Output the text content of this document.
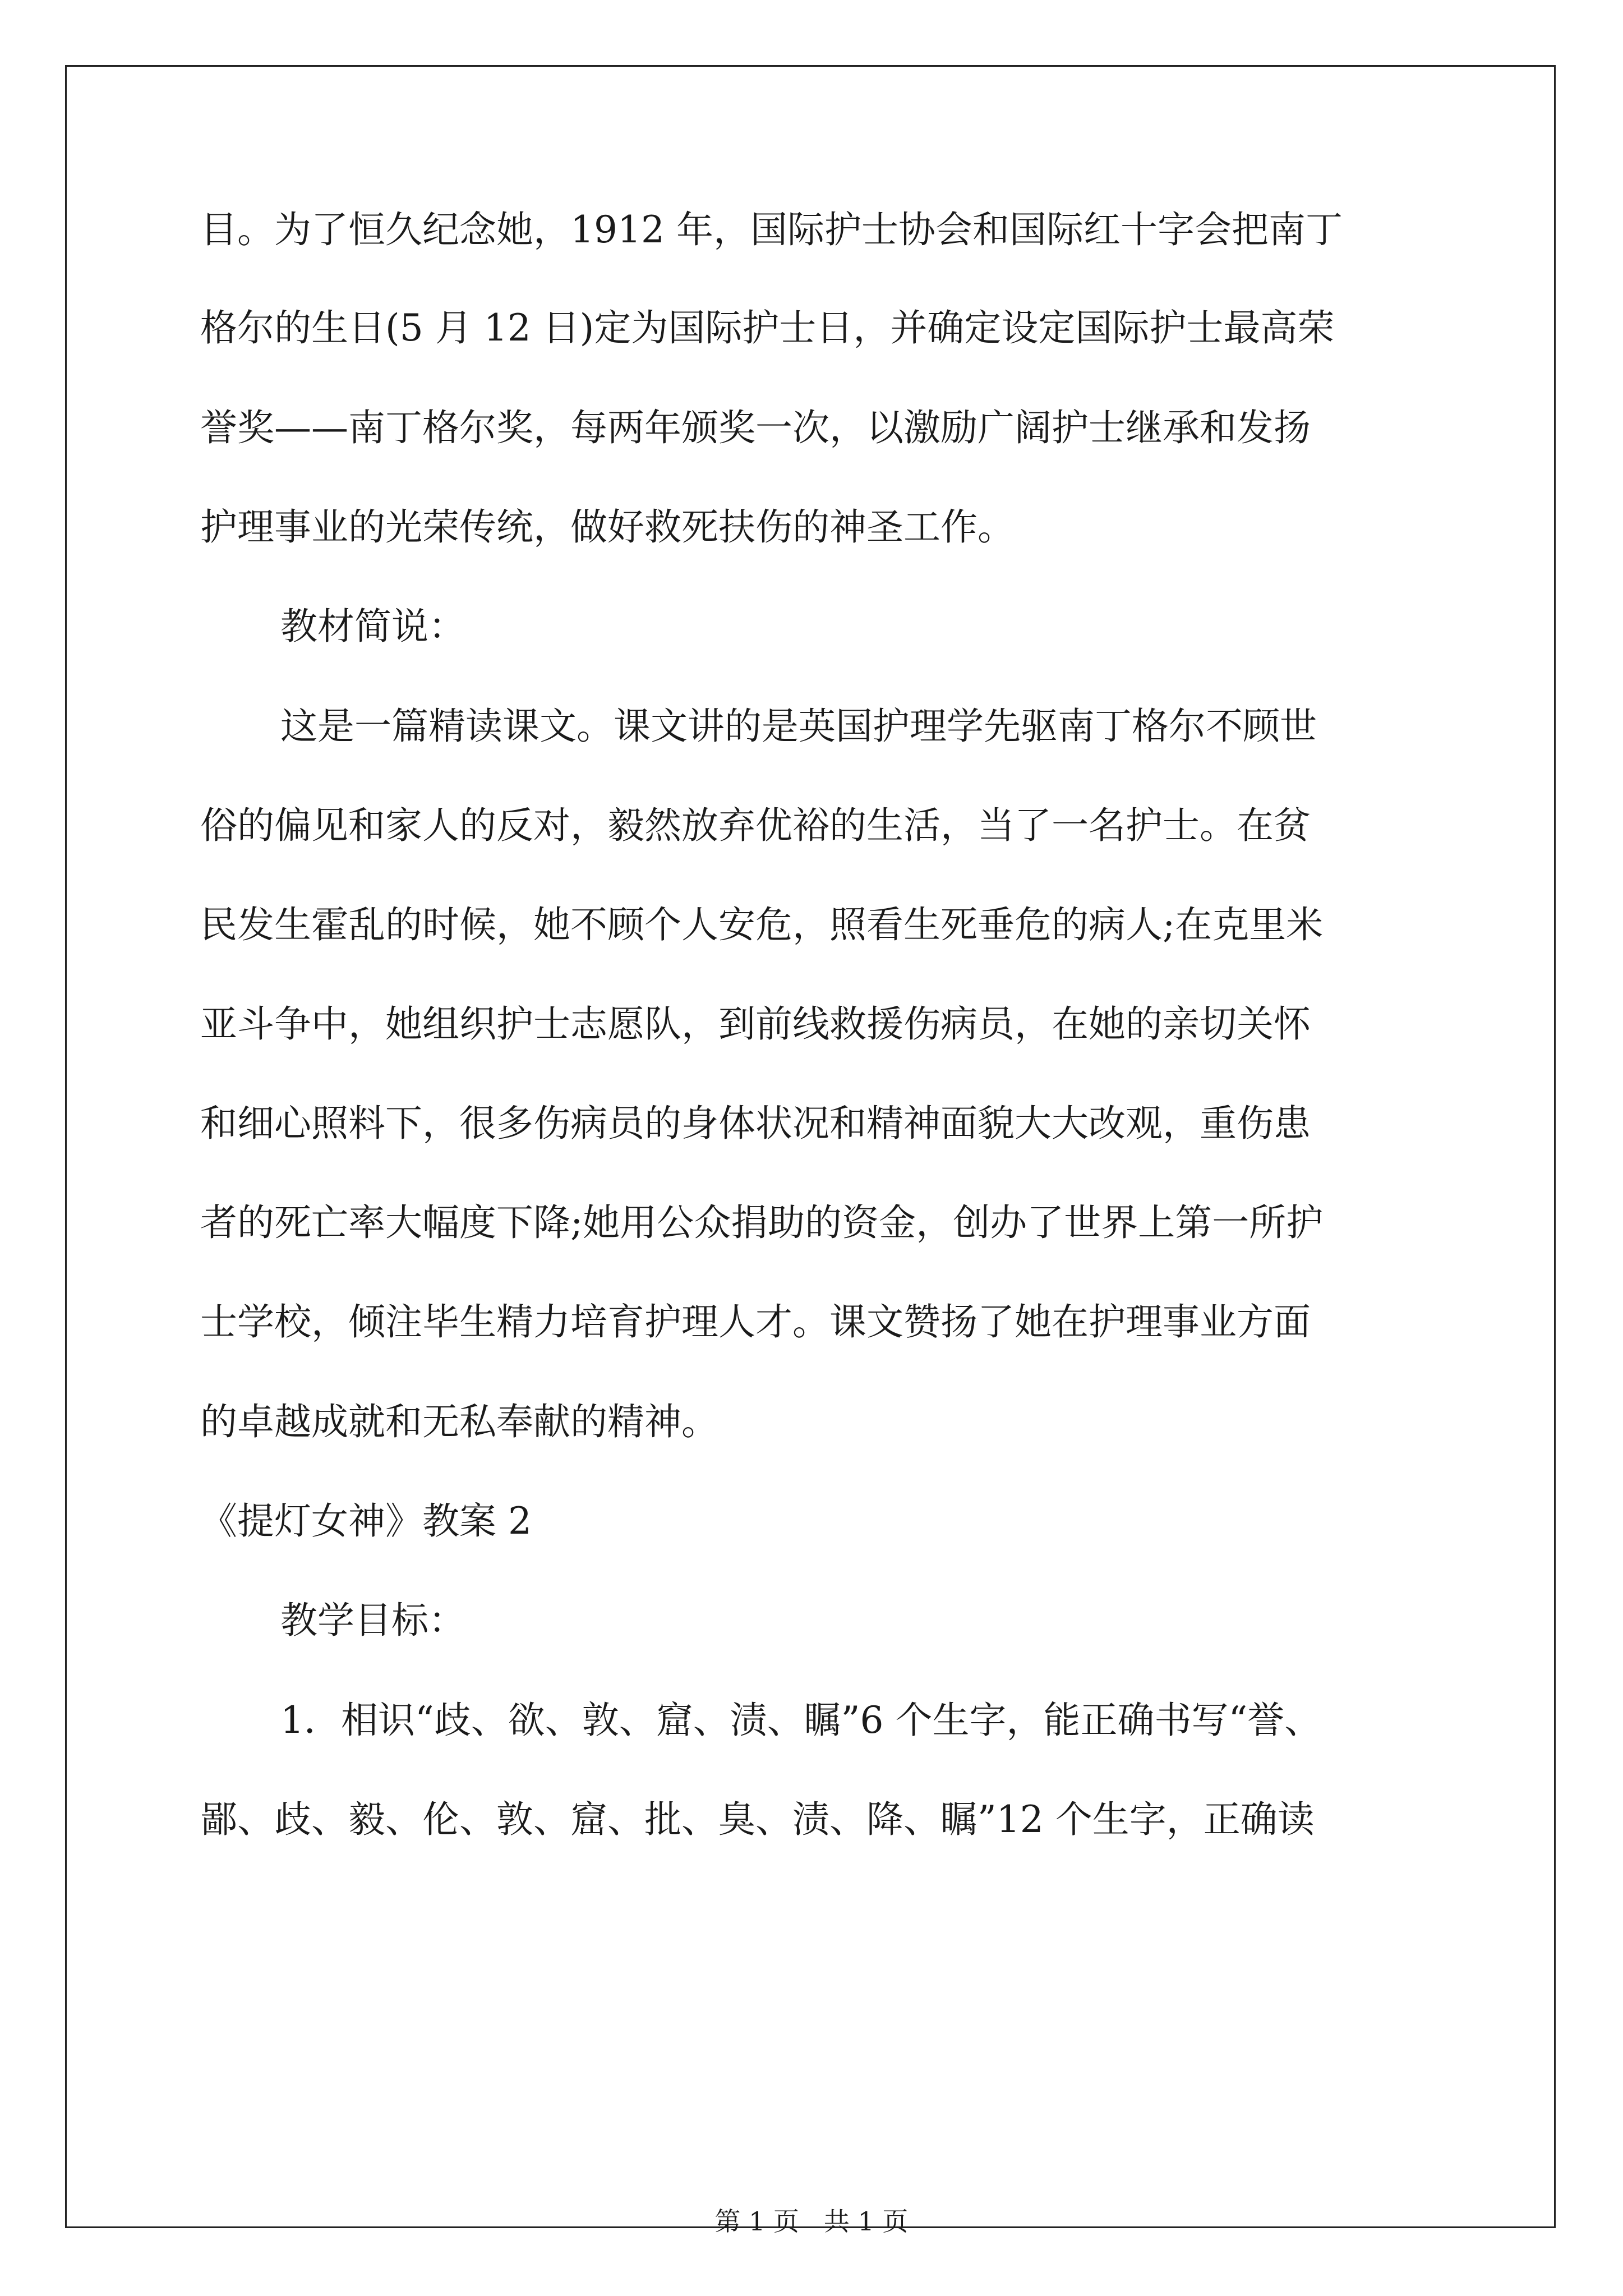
目。为了恒久纪念她，1912 年，国际护士协会和国际红十字会把南丁
格尔的生日(5 月 12 日)定为国际护士日，并确定设定国际护士最高荣
誉奖——南丁格尔奖，每两年颁奖一次，以激励广阔护士继承和发扬
护理事业的光荣传统，做好救死扶伤的神圣工作。
教材简说：
这是一篇精读课文。课文讲的是英国护理学先驱南丁格尔不顾世
俗的偏见和家人的反对，毅然放弃优裕的生活，当了一名护士。在贫
民发生霍乱的时候，她不顾个人安危，照看生死垂危的病人;在克里米
亚斗争中，她组织护士志愿队，到前线救援伤病员，在她的亲切关怀
和细心照料下，很多伤病员的身体状况和精神面貌大大改观，重伤患
者的死亡率大幅度下降;她用公众捐助的资金，创办了世界上第一所护
士学校，倾注毕生精力培育护理人才。课文赞扬了她在护理事业方面
的卓越成就和无私奉献的精神。
《提灯女神》教案 2
教学目标：
1．相识“歧、欲、敦、窟、渍、瞩”6 个生字，能正确书写“誉、
鄙、歧、毅、伦、敦、窟、批、臭、渍、降、瞩”12 个生字，正确读
第 1 页   共 1 页
